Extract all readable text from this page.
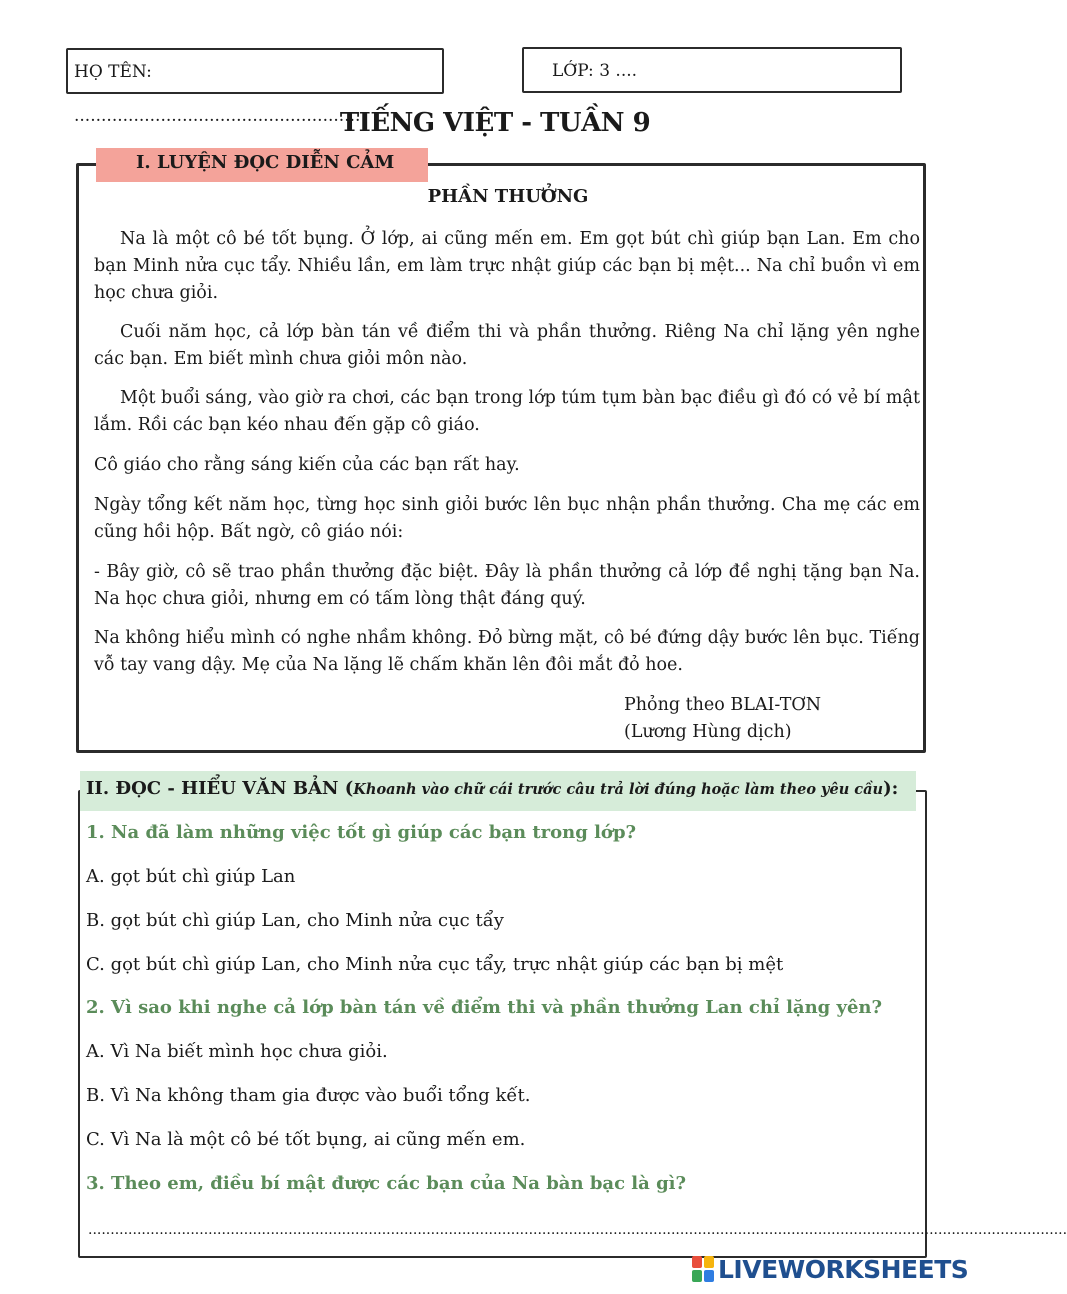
HỌ TÊN: .....................................................
LỚP: 3 ....
TIẾNG VIỆT - TUẦN 9
I. LUYỆN ĐỌC DIỄN CẢM
PHẦN THƯỞNG

Na là một cô bé tốt bụng. Ở lớp, ai cũng mến em. Em gọt bút chì giúp bạn Lan. Em cho bạn Minh nửa cục tẩy. Nhiều lần, em làm trực nhật giúp các bạn bị mệt... Na chỉ buồn vì em học chưa giỏi.

Cuối năm học, cả lớp bàn tán về điểm thi và phần thưởng. Riêng Na chỉ lặng yên nghe các bạn. Em biết mình chưa giỏi môn nào.

Một buổi sáng, vào giờ ra chơi, các bạn trong lớp túm tụm bàn bạc điều gì đó có vẻ bí mật lắm. Rồi các bạn kéo nhau đến gặp cô giáo.

Cô giáo cho rằng sáng kiến của các bạn rất hay.

Ngày tổng kết năm học, từng học sinh giỏi bước lên bục nhận phần thưởng. Cha mẹ các em cũng hồi hộp. Bất ngờ, cô giáo nói:

- Bây giờ, cô sẽ trao phần thưởng đặc biệt. Đây là phần thưởng cả lớp đề nghị tặng bạn Na. Na học chưa giỏi, nhưng em có tấm lòng thật đáng quý.

Na không hiểu mình có nghe nhầm không. Đỏ bừng mặt, cô bé đứng dậy bước lên bục. Tiếng vỗ tay vang dậy. Mẹ của Na lặng lẽ chấm khăn lên đôi mắt đỏ hoe.

Phỏng theo BLAI-TƠN
(Lương Hùng dịch)
II. ĐỌC - HIỂU VĂN BẢN (Khoanh vào chữ cái trước câu trả lời đúng hoặc làm theo yêu cầu):
1. Na đã làm những việc tốt gì giúp các bạn trong lớp?
A. gọt bút chì giúp Lan
B. gọt bút chì giúp Lan, cho Minh nửa cục tẩy
C. gọt bút chì giúp Lan, cho Minh nửa cục tẩy, trực nhật giúp các bạn bị mệt
2. Vì sao khi nghe cả lớp bàn tán về điểm thi và phần thưởng Lan chỉ lặng yên?
A. Vì Na biết mình học chưa giỏi.
B. Vì Na không tham gia được vào buổi tổng kết.
C. Vì Na là một cô bé tốt bụng, ai cũng mến em.
3. Theo em, điều bí mật được các bạn của Na bàn bạc là gì?
............................................................................................................................................................................................................................
LIVEWORKSHEETS
